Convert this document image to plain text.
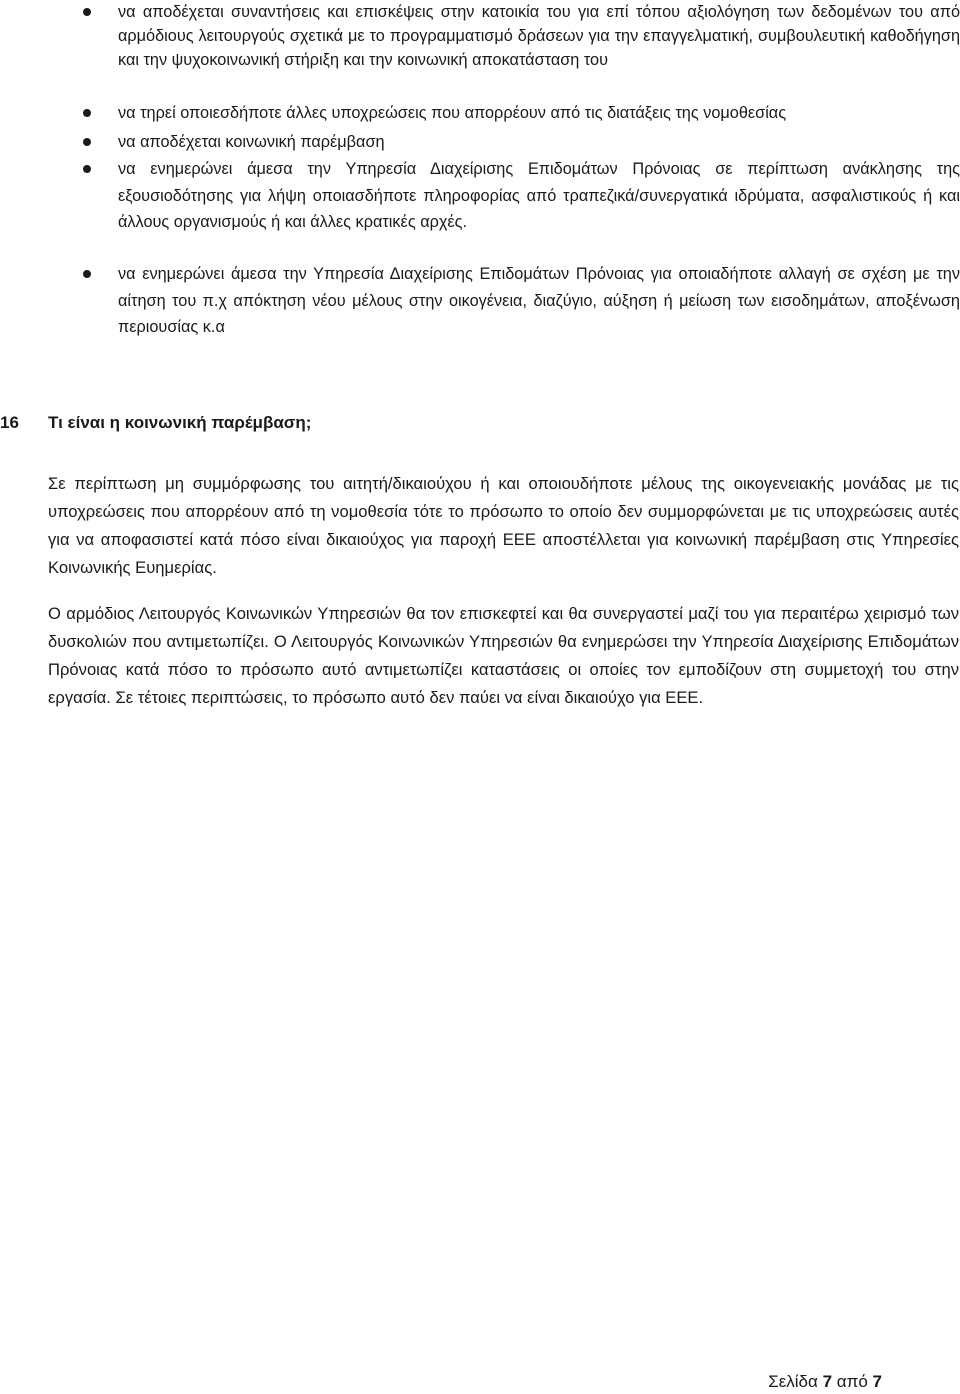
να αποδέχεται συναντήσεις και επισκέψεις στην κατοικία του για επί τόπου αξιολόγηση των δεδομένων του από αρμόδιους λειτουργούς σχετικά με το προγραμματισμό δράσεων για την επαγγελματική, συμβουλευτική καθοδήγηση και την ψυχοκοινωνική στήριξη και την κοινωνική αποκατάσταση του
να τηρεί οποιεσδήποτε άλλες υποχρεώσεις που απορρέουν από τις διατάξεις της νομοθεσίας
να αποδέχεται κοινωνική παρέμβαση
να ενημερώνει άμεσα την Υπηρεσία Διαχείρισης Επιδομάτων Πρόνοιας σε περίπτωση ανάκλησης της εξουσιοδότησης για λήψη οποιασδήποτε πληροφορίας από τραπεζικά/συνεργατικά ιδρύματα, ασφαλιστικούς ή και άλλους οργανισμούς ή και άλλες κρατικές αρχές.
να ενημερώνει άμεσα την Υπηρεσία Διαχείρισης Επιδομάτων Πρόνοιας για οποιαδήποτε αλλαγή σε σχέση με την αίτηση του π.χ απόκτηση νέου μέλους στην οικογένεια, διαζύγιο, αύξηση ή μείωση των εισοδημάτων, αποξένωση περιουσίας κ.α
16 Τι είναι η κοινωνική παρέμβαση;

Σε περίπτωση μη συμμόρφωσης του αιτητή/δικαιούχου ή και οποιουδήποτε μέλους της οικογενειακής μονάδας με τις υποχρεώσεις που απορρέουν από τη νομοθεσία τότε το πρόσωπο το οποίο δεν συμμορφώνεται με τις υποχρεώσεις αυτές για να αποφασιστεί κατά πόσο είναι δικαιούχος για παροχή ΕΕΕ αποστέλλεται για κοινωνική παρέμβαση στις Υπηρεσίες Κοινωνικής Ευημερίας.

Ο αρμόδιος Λειτουργός Κοινωνικών Υπηρεσιών θα τον επισκεφτεί και θα συνεργαστεί μαζί του για περαιτέρω χειρισμό των δυσκολιών που αντιμετωπίζει. Ο Λειτουργός Κοινωνικών Υπηρεσιών θα ενημερώσει την Υπηρεσία Διαχείρισης Επιδομάτων Πρόνοιας κατά πόσο το πρόσωπο αυτό αντιμετωπίζει καταστάσεις οι οποίες τον εμποδίζουν στη συμμετοχή του στην εργασία. Σε τέτοιες περιπτώσεις, το πρόσωπο αυτό δεν παύει να είναι δικαιούχο για ΕΕΕ.

Σελίδα 7 από 7
